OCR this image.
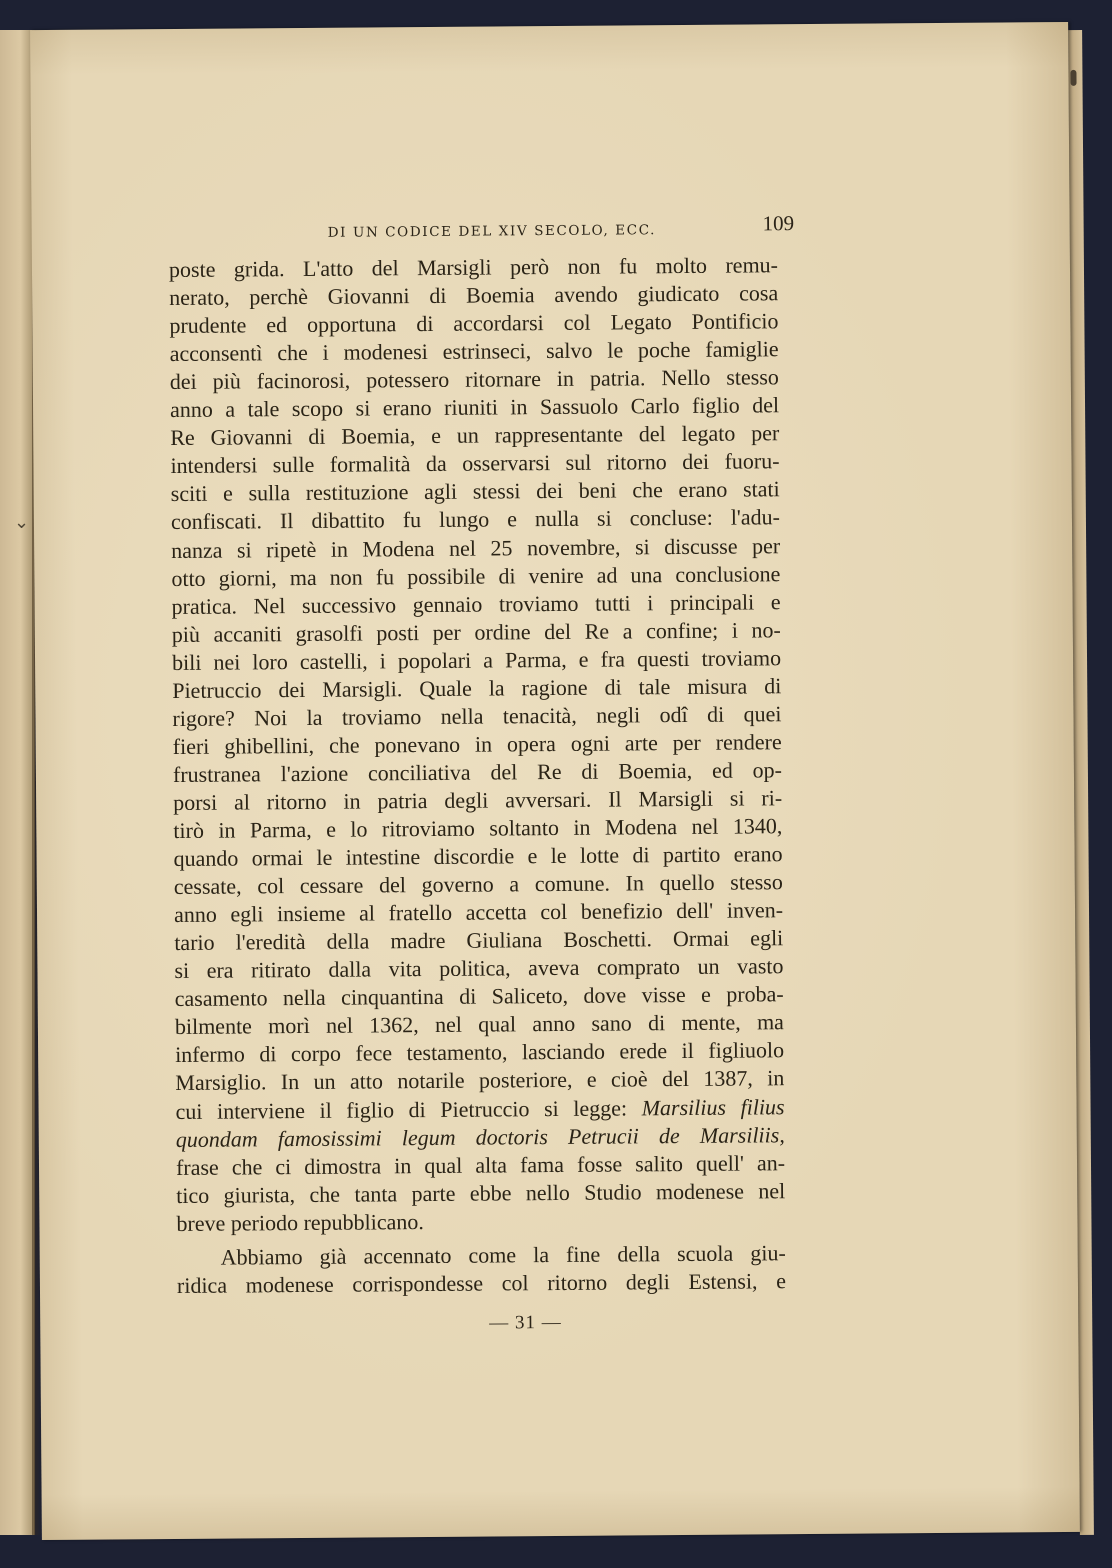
⌄
DI UN CODICE DEL XIV SECOLO, ECC.	109
poste grida. L'atto del Marsigli però non fu molto remu-
nerato, perchè Giovanni di Boemia avendo giudicato cosa
prudente ed opportuna di accordarsi col Legato Pontificio
acconsentì che i modenesi estrinseci, salvo le poche famiglie
dei più facinorosi, potessero ritornare in patria. Nello stesso
anno a tale scopo si erano riuniti in Sassuolo Carlo figlio del
Re Giovanni di Boemia, e un rappresentante del legato per
intendersi sulle formalità da osservarsi sul ritorno dei fuoru-
sciti e sulla restituzione agli stessi dei beni che erano stati
confiscati. Il dibattito fu lungo e nulla si concluse: l'adu-
nanza si ripetè in Modena nel 25 novembre, si discusse per
otto giorni, ma non fu possibile di venire ad una conclusione
pratica. Nel successivo gennaio troviamo tutti i principali e
più accaniti grasolfi posti per ordine del Re a confine; i no-
bili nei loro castelli, i popolari a Parma, e fra questi troviamo
Pietruccio dei Marsigli. Quale la ragione di tale misura di
rigore? Noi la troviamo nella tenacità, negli odî di quei
fieri ghibellini, che ponevano in opera ogni arte per rendere
frustranea l'azione conciliativa del Re di Boemia, ed op-
porsi al ritorno in patria degli avversari. Il Marsigli si ri-
tirò in Parma, e lo ritroviamo soltanto in Modena nel 1340,
quando ormai le intestine discordie e le lotte di partito erano
cessate, col cessare del governo a comune. In quello stesso
anno egli insieme al fratello accetta col benefizio dell' inven-
tario l'eredità della madre Giuliana Boschetti. Ormai egli
si era ritirato dalla vita politica, aveva comprato un vasto
casamento nella cinquantina di Saliceto, dove visse e proba-
bilmente morì nel 1362, nel qual anno sano di mente, ma
infermo di corpo fece testamento, lasciando erede il figliuolo
Marsiglio. In un atto notarile posteriore, e cioè del 1387, in
cui interviene il figlio di Pietruccio si legge: Marsilius filius
quondam famosissimi legum doctoris Petrucii de Marsiliis,
frase che ci dimostra in qual alta fama fosse salito quell' an-
tico giurista, che tanta parte ebbe nello Studio modenese nel
breve periodo repubblicano.
Abbiamo già accennato come la fine della scuola giu-
ridica modenese corrispondesse col ritorno degli Estensi, e
— 31 —
